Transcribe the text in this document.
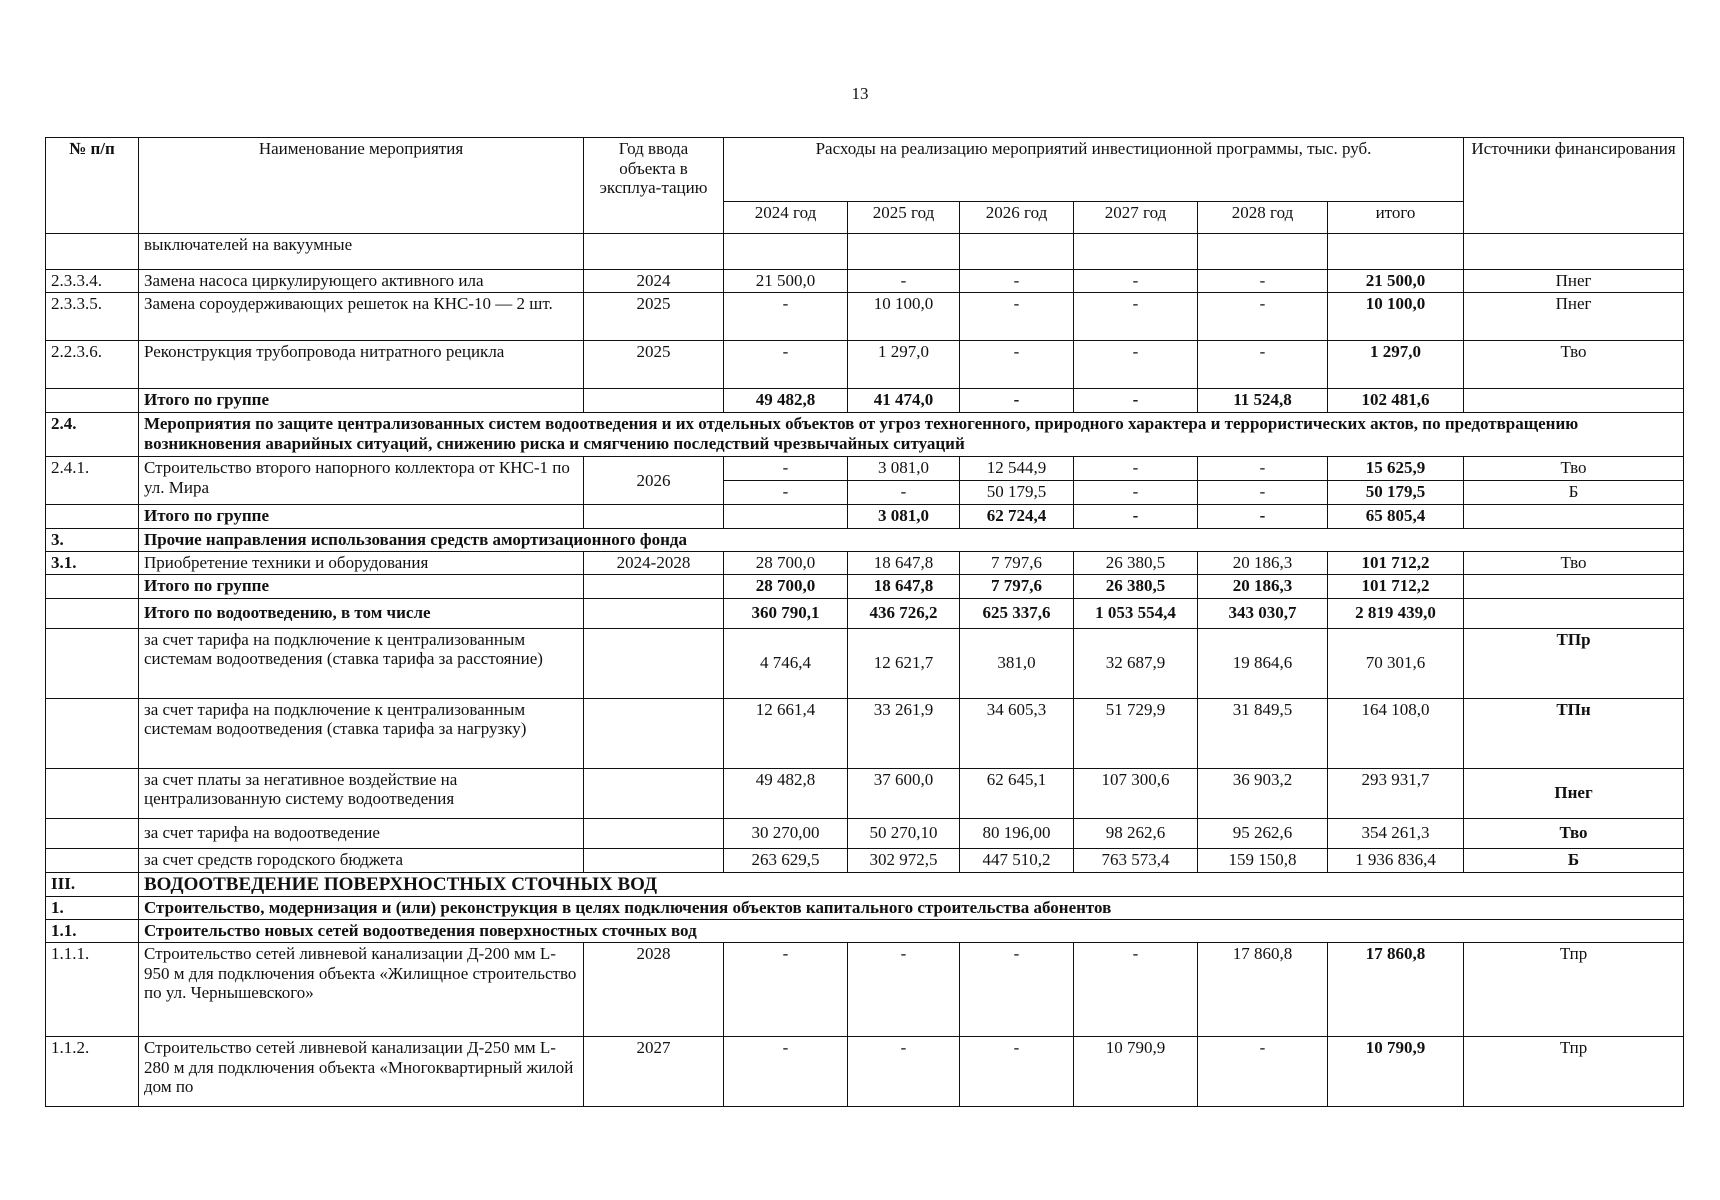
13
№ п/п	Наименование мероприятия	Год ввода объекта в эксплуа-тацию	Расходы на реализацию мероприятий инвестиционной программы, тыс. руб.						Источники финансирования
			2024 год	2025 год	2026 год	2027 год	2028 год	итого	
	выключателей на вакуумные								
2.3.3.4.	Замена насоса циркулирующего активного ила	2024	21 500,0	-	-	-	-	21 500,0	Пнег
2.3.3.5.	Замена сороудерживающих решеток на КНС-10 — 2 шт.	2025	-	10 100,0	-	-	-	10 100,0	Пнег
2.2.3.6.	Реконструкция трубопровода нитратного рецикла	2025	-	1 297,0	-	-	-	1 297,0	Тво
	Итого по группе		49 482,8	41 474,0	-	-	11 524,8	102 481,6	
2.4.	Мероприятия по защите централизованных систем водоотведения и их отдельных объектов от угроз техногенного, природного характера и террористических актов, по предотвращению возникновения аварийных ситуаций, снижению риска и смягчению последствий чрезвычайных ситуаций								
2.4.1.	Строительство второго напорного коллектора от КНС-1 по ул. Мира	2026	-	3 081,0	12 544,9	-	-	15 625,9	Тво
			-	-	50 179,5	-	-	50 179,5	Б
	Итого по группе			3 081,0	62 724,4	-	-	65 805,4	
3.	Прочие направления использования средств амортизационного фонда								
3.1.	Приобретение техники и оборудования	2024-2028	28 700,0	18 647,8	7 797,6	26 380,5	20 186,3	101 712,2	Тво
	Итого по группе		28 700,0	18 647,8	7 797,6	26 380,5	20 186,3	101 712,2	
	Итого по водоотведению, в том числе		360 790,1	436 726,2	625 337,6	1 053 554,4	343 030,7	2 819 439,0	
	за счет тарифа на подключение к централизованным системам водоотведения (ставка тарифа за расстояние)		4 746,4	12 621,7	381,0	32 687,9	19 864,6	70 301,6	ТПр
	за счет тарифа на подключение к централизованным системам водоотведения (ставка тарифа за нагрузку)		12 661,4	33 261,9	34 605,3	51 729,9	31 849,5	164 108,0	ТПн
	за счет платы за негативное воздействие на централизованную систему водоотведения		49 482,8	37 600,0	62 645,1	107 300,6	36 903,2	293 931,7	Пнег
	за счет тарифа на водоотведение		30 270,00	50 270,10	80 196,00	98 262,6	95 262,6	354 261,3	Тво
	за счет средств городского бюджета		263 629,5	302 972,5	447 510,2	763 573,4	159 150,8	1 936 836,4	Б
III.	ВОДООТВЕДЕНИЕ ПОВЕРХНОСТНЫХ СТОЧНЫХ ВОД								
1.	Строительство, модернизация и (или) реконструкция в целях подключения объектов капитального строительства абонентов								
1.1.	Строительство новых сетей водоотведения поверхностных сточных вод								
1.1.1.	Строительство сетей ливневой канализации Д-200 мм L-950 м для подключения объекта «Жилищное строительство по ул. Чернышевского»	2028	-	-	-	-	17 860,8	17 860,8	Тпр
1.1.2.	Строительство сетей ливневой канализации Д-250 мм L-280 м для подключения объекта «Многоквартирный жилой дом по	2027	-	-	-	10 790,9	-	10 790,9	Тпр
